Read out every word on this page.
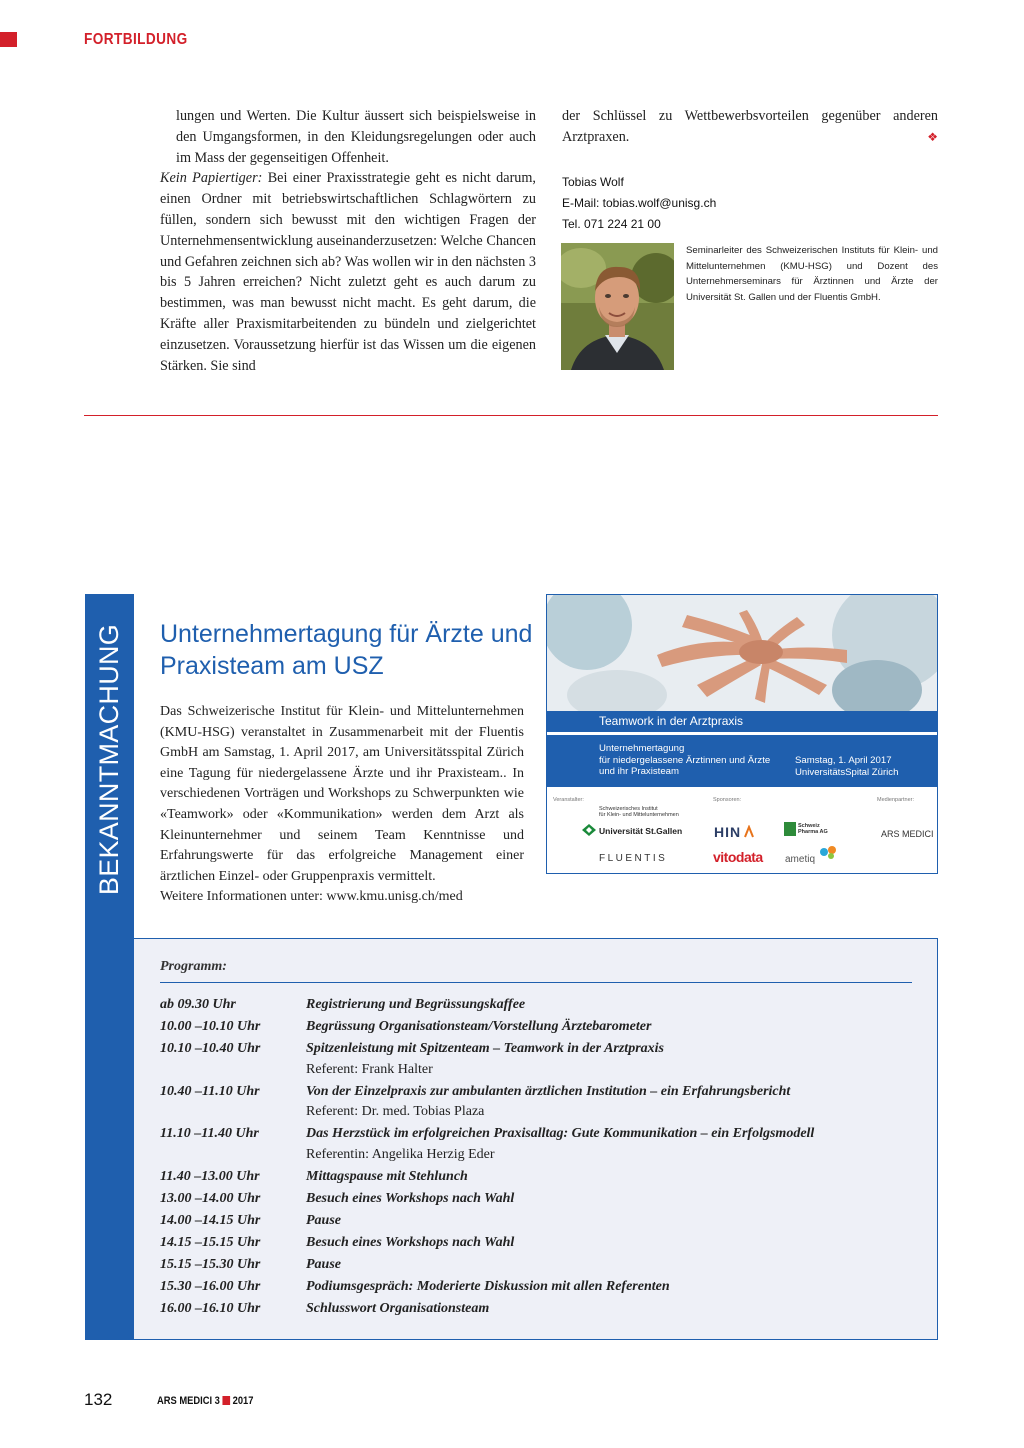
FORTBILDUNG

lungen und Werten. Die Kultur äussert sich beispielsweise in den Umgangsformen, in den Kleidungsregelungen oder auch im Mass der gegenseitigen Offenheit.

Kein Papiertiger: Bei einer Praxisstrategie geht es nicht darum, einen Ordner mit betriebswirtschaftlichen Schlagwörtern zu füllen, sondern sich bewusst mit den wichtigen Fragen der Unternehmensentwicklung auseinanderzusetzen: Welche Chancen und Gefahren zeichnen sich ab? Was wollen wir in den nächsten 3 bis 5 Jahren erreichen? Nicht zuletzt geht es auch darum zu bestimmen, was man bewusst nicht macht. Es geht darum, die Kräfte aller Praxismitarbeitenden zu bündeln und zielgerichtet einzusetzen. Voraussetzung hierfür ist das Wissen um die eigenen Stärken. Sie sind

der Schlüssel zu Wettbewerbsvorteilen gegenüber anderen Arztpraxen.	❖

Tobias Wolf
E-Mail: tobias.wolf@unisg.ch
Tel. 071 224 21 00
Seminarleiter des Schweizerischen Instituts für Klein- und Mittelunternehmen (KMU-HSG) und Dozent des Unternehmerseminars für Ärztinnen und Ärzte der Universität St. Gallen und der Fluentis GmbH.
BEKANNTMACHUNG Unternehmertagung für Ärzte und Praxisteam am USZ
Das Schweizerische Institut für Klein- und Mittelunternehmen (KMU-HSG) veranstaltet in Zusammenarbeit mit der Fluentis GmbH am Samstag, 1. April 2017, am Universitätsspital Zürich eine Tagung für niedergelassene Ärzte und ihr Praxisteam.. In verschiedenen Vorträgen und Workshops zu Schwerpunkten wie «Teamwork» oder «Kommunikation» werden dem Arzt als Kleinunternehmer und seinem Team Kenntnisse und Erfahrungswerte für das erfolgreiche Management einer ärztlichen Einzel- oder Gruppenpraxis vermittelt.
Weitere Informationen unter: www.kmu.unisg.ch/med
Teamwork in der Arztpraxis
Unternehmertagung
für niedergelassene Ärztinnen und Ärzte
und ihr Praxisteam
Samstag, 1. April 2017
UniversitätsSpital Zürich
Veranstalter:	Sponsoren:	Medienpartner:
Schweizerisches Institut
für Klein- und Mittelunternehmen
Universität St.Gallen
FLUENTIS
HIN	Schweiz
Pharma AG
vitodata ametiq
ARS MEDICI
Programm:
ab 09.30 Uhr	Registrierung und Begrüssungskaffee
10.00 –10.10 Uhr	Begrüssung Organisationsteam/Vorstellung Ärztebarometer
10.10 –10.40 Uhr	Spitzenleistung mit Spitzenteam – Teamwork in der Arztpraxis
Referent: Frank Halter
10.40 –11.10 Uhr	Von der Einzelpraxis zur ambulanten ärztlichen Institution – ein Erfahrungsbericht
Referent: Dr. med. Tobias Plaza
11.10 –11.40 Uhr	Das Herzstück im erfolgreichen Praxisalltag: Gute Kommunikation – ein Erfolgsmodell
Referentin: Angelika Herzig Eder
11.40 –13.00 Uhr	Mittagspause mit Stehlunch
13.00 –14.00 Uhr	Besuch eines Workshops nach Wahl
14.00 –14.15 Uhr	Pause
14.15 –15.15 Uhr	Besuch eines Workshops nach Wahl
15.15 –15.30 Uhr	Pause
15.30 –16.00 Uhr	Podiumsgespräch: Moderierte Diskussion mit allen Referenten
16.00 –16.10 Uhr	Schlusswort Organisationsteam
132	ARS MEDICI 3 2017
